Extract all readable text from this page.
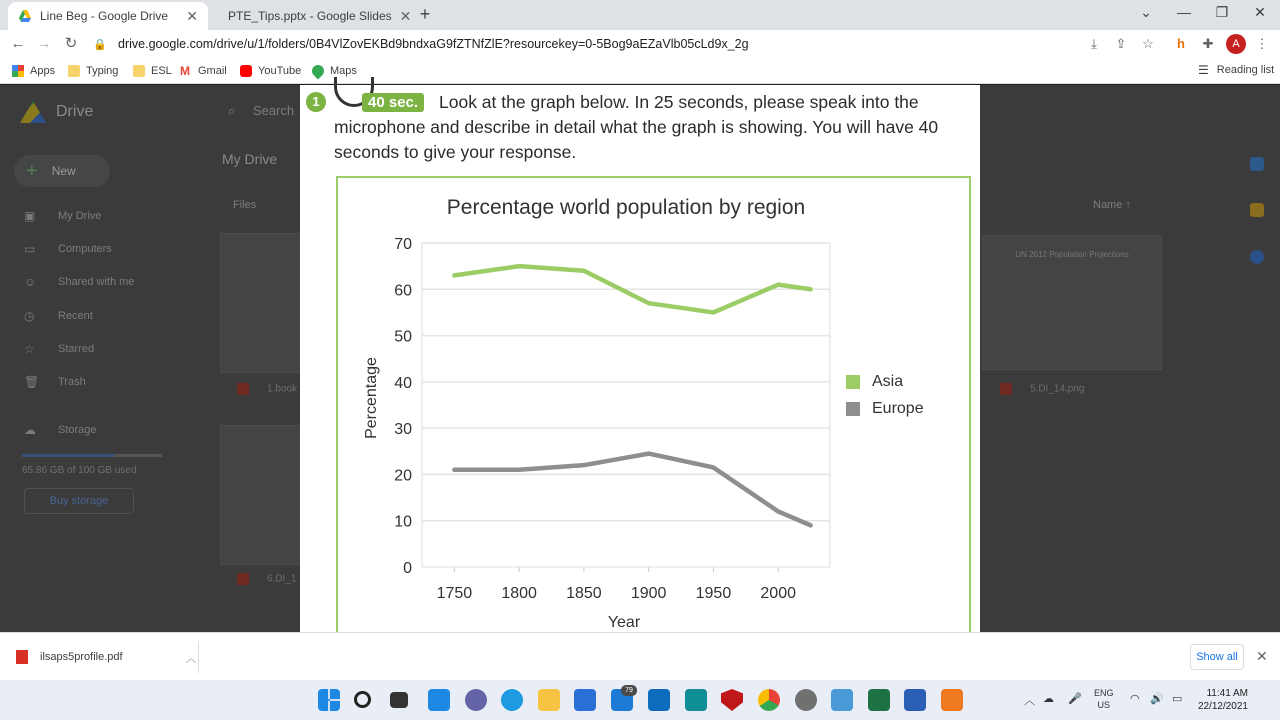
Line Beg - Google Drive	✕	PTE_Tips.pptx - Google Slides ✕ +	⌄ — ❐ ✕
← → ↻	🔒 drive.google.com/drive/u/1/folders/0B4VlZovEKBd9bndxaG9fZTNfZlE?resourcekey=0-5Bog9aEZaVlb05cLd9x_2g	⤓	⇪ ☆	h	✚	A	⋮
Apps	Typing	ESL M Gmail	YouTube	Maps	☰ Reading list
Drive	⌕ Search
+ New
▣	My Drive
▭	Computers
☺	Shared with me
◷	Recent
☆	Starred
🗑 Trash
☁	Storage
65.86 GB of 100 GB used
Buy storage
My Drive
Files	Name ↑
1.book
6.DI_1
UN 2012 Population Projections
5.DI_14.png
1	40 sec.	Look at the graph below. In 25 seconds, please speak into the microphone and describe in detail what the graph is showing. You will have 40 seconds to give your response.
Percentage world population by region
0
10
20
30
40
50
60
70
1750 1800 1850 1900 1950 2000
Year
Percentage	Asia
Europe
ilsaps5profile.pdf	︿	Show all	✕
79
︿ ☁ 🎤 ENG
US	◠ 🔊 ▭	11:41 AM
22/12/2021
